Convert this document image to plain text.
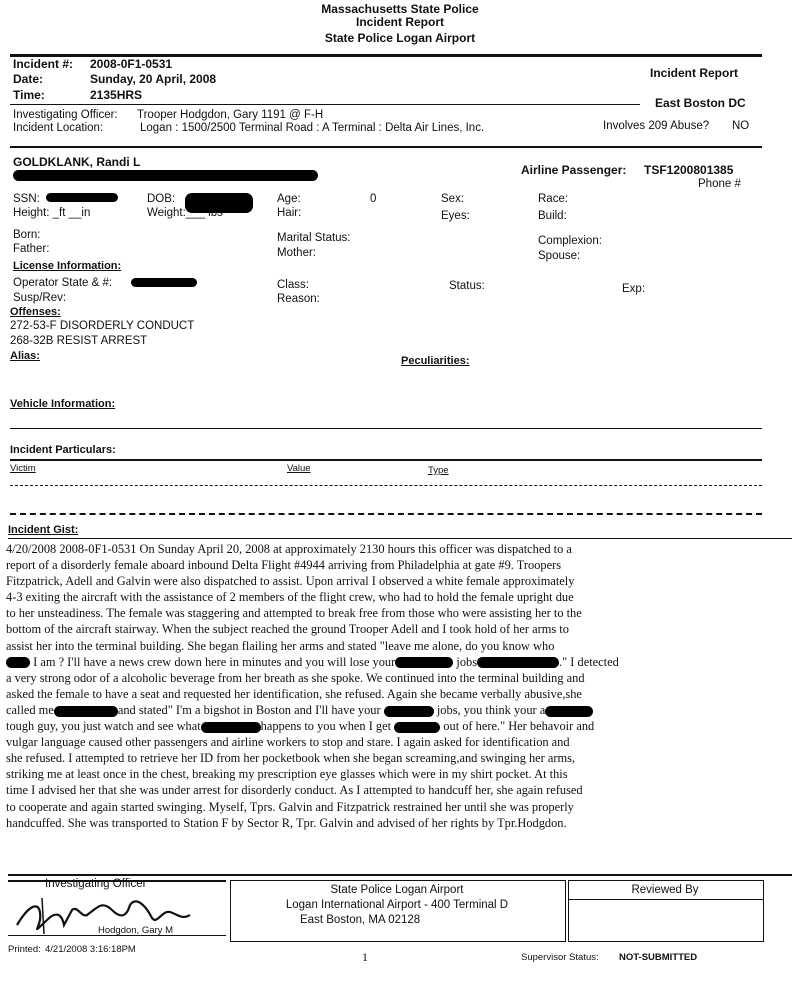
Massachusetts State Police
Incident Report
State Police Logan Airport
Incident #: 2008-0F1-0531
Date:	Sunday, 20 April, 2008
Time:	2135HRS
Incident Report
East Boston DC
Investigating Officer: Trooper Hodgdon, Gary 1191 @ F-H
Incident Location:	Logan : 1500/2500 Terminal Road : A Terminal : Delta Air Lines, Inc.	Involves 209 Abuse? NO
GOLDKLANK, Randi L
Airline Passenger: TSF1200801385
Phone #
SSN:	DOB:	Age:	0	Sex:	Race:
Height: _ft __in	Weight:___ lbs	Hair:	Eyes:	Build:
Born:	Marital Status:	Complexion:
Father:	Mother:	Spouse:
License Information:
Operator State & #:	Class:	Status:	Exp:
Susp/Rev:	Reason:
Offenses:
272-53-F DISORDERLY CONDUCT
268-32B RESIST ARREST
Alias:	Peculiarities:
Vehicle Information:
Incident Particulars:
Victim	Value	Type
Incident Gist:
4/20/2008 2008-0F1-0531 On Sunday April 20, 2008 at approximately 2130 hours this officer was dispatched to a
report of a disorderly female aboard inbound Delta Flight #4944 arriving from Philadelphia at gate #9. Troopers
Fitzpatrick, Adell and Galvin were also dispatched to assist. Upon arrival I observed a white female approximately
4-3 exiting the aircraft with the assistance of 2 members of the flight crew, who had to hold the female upright due
to her unsteadiness. The female was staggering and attempted to break free from those who were assisting her to the
bottom of the aircraft stairway. When the subject reached the ground Trooper Adell and I took hold of her arms to
assist her into the terminal building. She began flailing her arms and stated "leave me alone, do you know who
I am ? I'll have a news crew down here in minutes and you will lose your	jobs	." I detected
a very strong odor of a alcoholic beverage from her breath as she spoke. We continued into the terminal building and
asked the female to have a seat and requested her identification, she refused. Again she became verbally abusive,she
called me	and stated" I'm a bigshot in Boston and I'll have your	jobs, you think your a
tough guy, you just watch and see what	happens to you when I get	out of here." Her behavoir and
vulgar language caused other passengers and airline workers to stop and stare. I again asked for identification and
she refused. I attempted to retrieve her ID from her pocketbook when she began screaming,and swinging her arms,
striking me at least once in the chest, breaking my prescription eye glasses which were in my shirt pocket. At this
time I advised her that she was under arrest for disorderly conduct. As I attempted to handcuff her, she again refused
to cooperate and again started swinging. Myself, Tprs. Galvin and Fitzpatrick restrained her until she was properly
handcuffed. She was transported to Station F by Sector R, Tpr. Galvin and advised of her rights by Tpr.Hodgdon.
Investigating Officer
Hodgdon, Gary M
Printed: 4/21/2008 3:16:18PM
State Police Logan Airport
Logan International Airport - 400 Terminal D
East Boston, MA 02128
Reviewed By
1	Supervisor Status: NOT-SUBMITTED
